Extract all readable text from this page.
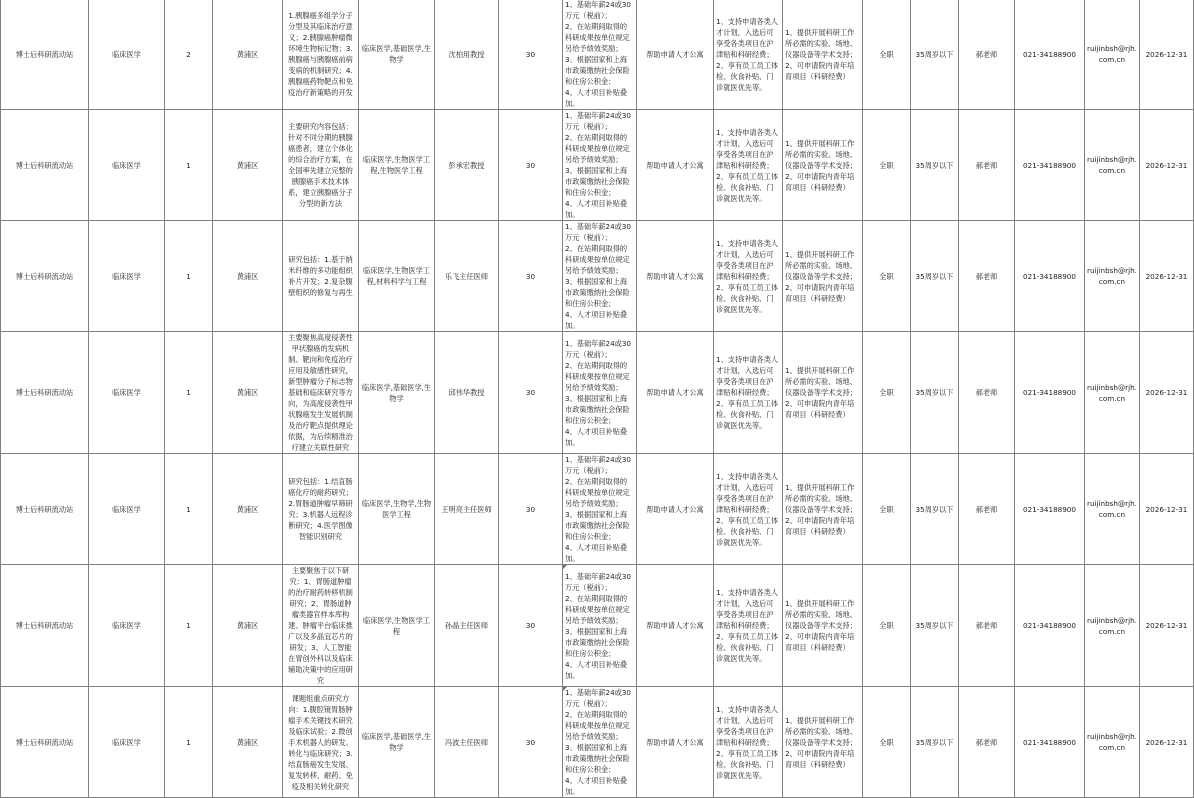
博士后科研流动站	临床医学	2	黄浦区	1.胰腺癌多组学分子分型及其临床治疗意义；2.胰腺癌肿瘤微环境生物标记物；3.胰腺癌与胰腺癌前病变病的机制研究；4.胰腺癌药物靶点和免疫治疗新策略的开发	临床医学,基础医学,生物学	沈柏用教授	30	1、基础年薪24或30万元（税前）；
2、在站期间取得的科研成果按单位规定另给予绩效奖励；
3、根据国家和上海市政策缴纳社会保险和住房公积金；
4、人才项目补贴叠加。	帮助申请人才公寓	1、支持申请各类人才计划，入选后可享受各类项目在沪津贴和科研经费；
2、享有员工员工体检、伙食补贴、门诊就医优先等。	1、提供开展科研工作所必需的实验、场地、仪器设备等学术支持；
2、可申请院内青年培育项目（科研经费）	全职	35周岁以下	郝老师	021-34188900	ruijinbsh@rjh.com.cn	2026-12-31
博士后科研流动站	临床医学	1	黄浦区	主要研究内容包括：针对不同分期的胰腺癌患者，建立个体化的综合治疗方案，在全国率先建立完整的胰腺癌手术技术体系，建立胰腺癌分子分型的新方法	临床医学,生物医学工程,生物医学工程	彭承宏教授	30	1、基础年薪24或30万元（税前）；
2、在站期间取得的科研成果按单位规定另给予绩效奖励；
3、根据国家和上海市政策缴纳社会保险和住房公积金；
4、人才项目补贴叠加。	帮助申请人才公寓	1、支持申请各类人才计划，入选后可享受各类项目在沪津贴和科研经费；
2、享有员工员工体检、伙食补贴、门诊就医优先等。	1、提供开展科研工作所必需的实验、场地、仪器设备等学术支持；
2、可申请院内青年培育项目（科研经费）	全职	35周岁以下	郝老师	021-34188900	ruijinbsh@rjh.com.cn	2026-12-31
博士后科研流动站	临床医学	1	黄浦区	研究包括：1.基于纳米纤维的多功能组织补片开发；2.复杂腹壁组织的修复与再生	临床医学,生物医学工程,材料科学与工程	乐飞主任医师	30	1、基础年薪24或30万元（税前）；
2、在站期间取得的科研成果按单位规定另给予绩效奖励；
3、根据国家和上海市政策缴纳社会保险和住房公积金；
4、人才项目补贴叠加。	帮助申请人才公寓	1、支持申请各类人才计划，入选后可享受各类项目在沪津贴和科研经费；
2、享有员工员工体检、伙食补贴、门诊就医优先等。	1、提供开展科研工作所必需的实验、场地、仪器设备等学术支持；
2、可申请院内青年培育项目（科研经费）	全职	35周岁以下	郝老师	021-34188900	ruijinbsh@rjh.com.cn	2026-12-31
博士后科研流动站	临床医学	1	黄浦区	主要聚焦高度侵袭性甲状腺癌的发病机制、靶向和免疫治疗应用及敏感性研究，新型肿瘤分子标志物基础和临床研究等方向，为高度侵袭性甲状腺癌发生发展机制及治疗靶点提供理论依据，为后续精准治疗建立关联性研究	临床医学,基础医学,生物学	邱伟华教授	30	1、基础年薪24或30万元（税前）；
2、在站期间取得的科研成果按单位规定另给予绩效奖励；
3、根据国家和上海市政策缴纳社会保险和住房公积金；
4、人才项目补贴叠加。	帮助申请人才公寓	1、支持申请各类人才计划，入选后可享受各类项目在沪津贴和科研经费；
2、享有员工员工体检、伙食补贴、门诊就医优先等。	1、提供开展科研工作所必需的实验、场地、仪器设备等学术支持；
2、可申请院内青年培育项目（科研经费）	全职	35周岁以下	郝老师	021-34188900	ruijinbsh@rjh.com.cn	2026-12-31
博士后科研流动站	临床医学	1	黄浦区	研究包括：1.结直肠癌化疗的耐药研究；2.胃肠道肿瘤早筛研究；3.机器人远程诊断研究；4.医学图像智能识别研究	临床医学,生物学,生物医学工程	王明亮主任医师	30	1、基础年薪24或30万元（税前）；
2、在站期间取得的科研成果按单位规定另给予绩效奖励；
3、根据国家和上海市政策缴纳社会保险和住房公积金；
4、人才项目补贴叠加。	帮助申请人才公寓	1、支持申请各类人才计划，入选后可享受各类项目在沪津贴和科研经费；
2、享有员工员工体检、伙食补贴、门诊就医优先等。	1、提供开展科研工作所必需的实验、场地、仪器设备等学术支持；
2、可申请院内青年培育项目（科研经费）	全职	35周岁以下	郝老师	021-34188900	ruijinbsh@rjh.com.cn	2026-12-31
博士后科研流动站	临床医学	1	黄浦区	主要聚焦于以下研究：1、胃肠道肿瘤的治疗耐药转移机制研究；2、胃肠道肿瘤类器官样本库构建、肿瘤平台临床推广以及多晶宜芯片的研发；3、人工智能在胃创外科以及临床辅助决策中的应用研究	临床医学,生物医学工程	孙晶主任医师	30	1、基础年薪24或30万元（税前）；
2、在站期间取得的科研成果按单位规定另给予绩效奖励；
3、根据国家和上海市政策缴纳社会保险和住房公积金；
4、人才项目补贴叠加。	帮助申请人才公寓	1、支持申请各类人才计划，入选后可享受各类项目在沪津贴和科研经费；
2、享有员工员工体检、伙食补贴、门诊就医优先等。	1、提供开展科研工作所必需的实验、场地、仪器设备等学术支持；
2、可申请院内青年培育项目（科研经费）	全职	35周岁以下	郝老师	021-34188900	ruijinbsh@rjh.com.cn	2026-12-31
博士后科研流动站	临床医学	1	黄浦区	课题组重点研究方向：1.腹腔镜胃肠肿瘤手术关键技术研究及临床试验；2.微创手术机器人的研发、转化与临床研究；3.结直肠癌发生发展、复发转移、耐药、免疫及相关转化研究	临床医学,基础医学,生物学	冯波主任医师	30	1、基础年薪24或30万元（税前）；
2、在站期间取得的科研成果按单位规定另给予绩效奖励；
3、根据国家和上海市政策缴纳社会保险和住房公积金；
4、人才项目补贴叠加。	帮助申请人才公寓	1、支持申请各类人才计划，入选后可享受各类项目在沪津贴和科研经费；
2、享有员工员工体检、伙食补贴、门诊就医优先等。	1、提供开展科研工作所必需的实验、场地、仪器设备等学术支持；
2、可申请院内青年培育项目（科研经费）	全职	35周岁以下	郝老师	021-34188900	ruijinbsh@rjh.com.cn	2026-12-31
